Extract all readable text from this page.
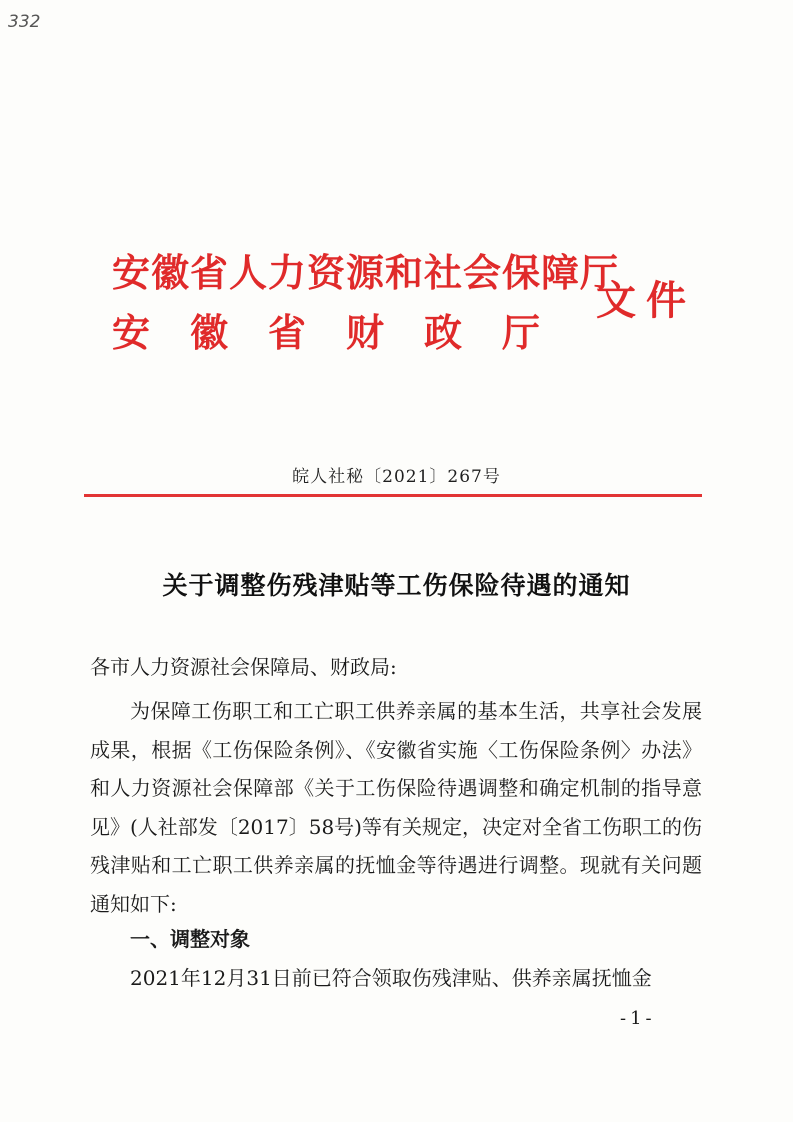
332
安徽省人力资源和社会保障厅
安徽省财政厅
文件
皖人社秘〔2021〕267号
关于调整伤残津贴等工伤保险待遇的通知
各市人力资源社会保障局、财政局:
为保障工伤职工和工亡职工供养亲属的基本生活，共享社会发展成果，根据《工伤保险条例》、《安徽省实施〈工伤保险条例〉办法》和人力资源社会保障部《关于工伤保险待遇调整和确定机制的指导意见》(人社部发〔2017〕58号)等有关规定，决定对全省工伤职工的伤残津贴和工亡职工供养亲属的抚恤金等待遇进行调整。现就有关问题通知如下:
一、调整对象
2021年12月31日前已符合领取伤残津贴、供养亲属抚恤金
-1-
